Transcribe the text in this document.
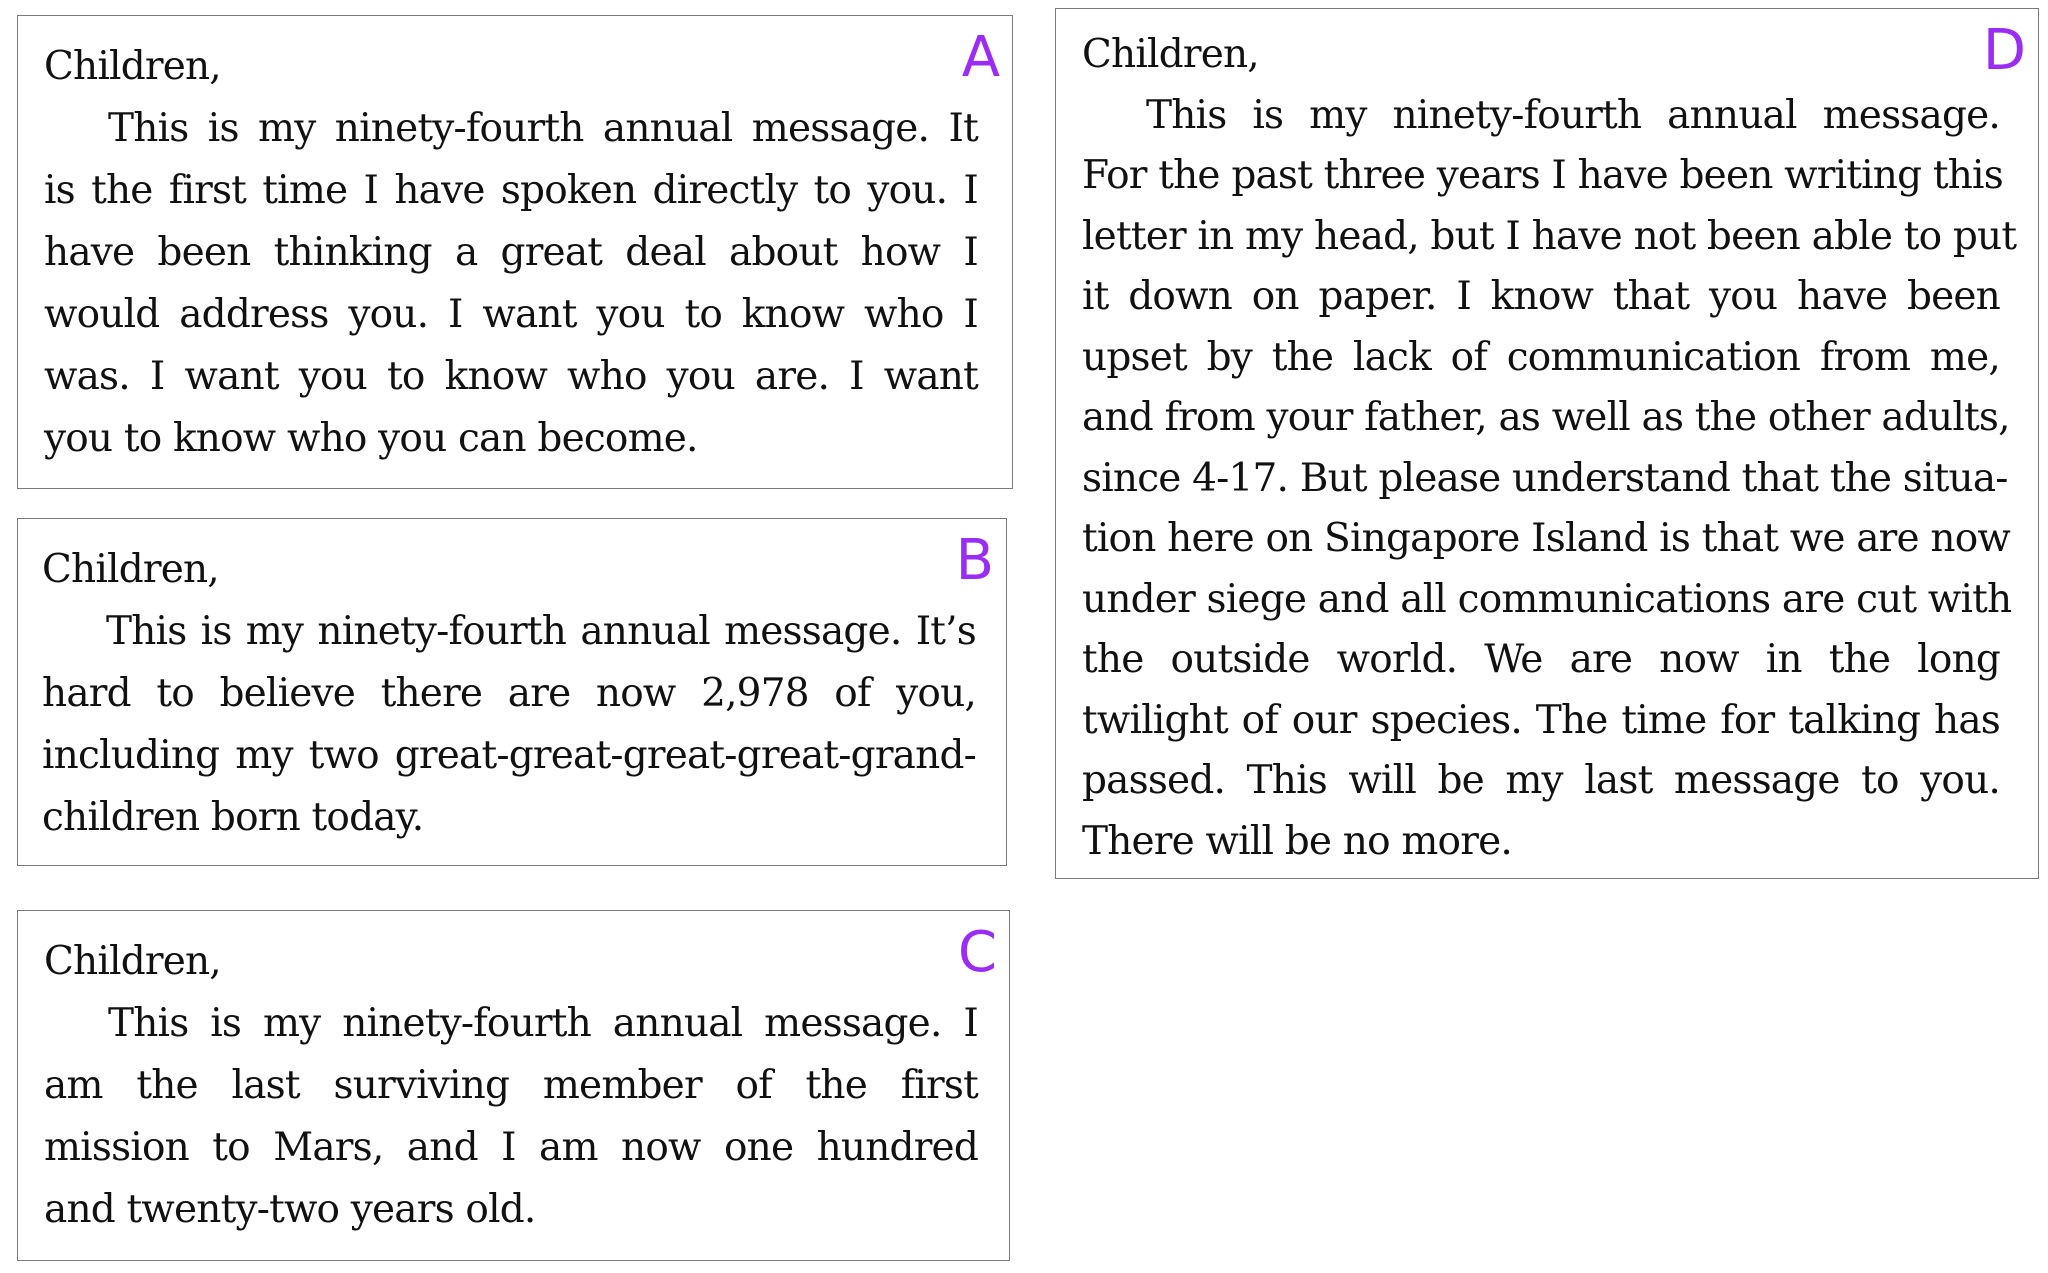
A
Children,
This is my ninety-fourth annual message. It
is the first time I have spoken directly to you. I
have been thinking a great deal about how I
would address you. I want you to know who I
was. I want you to know who you are. I want
you to know who you can become.
B
Children,
This is my ninety-fourth annual message. It’s
hard to believe there are now 2,978 of you,
including my two great-great-great-great-grand-
children born today.
C
Children,
This is my ninety-fourth annual message. I
am the last surviving member of the first
mission to Mars, and I am now one hundred
and twenty-two years old.
D
Children,
This is my ninety-fourth annual message.
For the past three years I have been writing this
letter in my head, but I have not been able to put
it down on paper. I know that you have been
upset by the lack of communication from me,
and from your father, as well as the other adults,
since 4-17. But please understand that the situa-
tion here on Singapore Island is that we are now
under siege and all communications are cut with
the outside world. We are now in the long
twilight of our species. The time for talking has
passed. This will be my last message to you.
There will be no more.
